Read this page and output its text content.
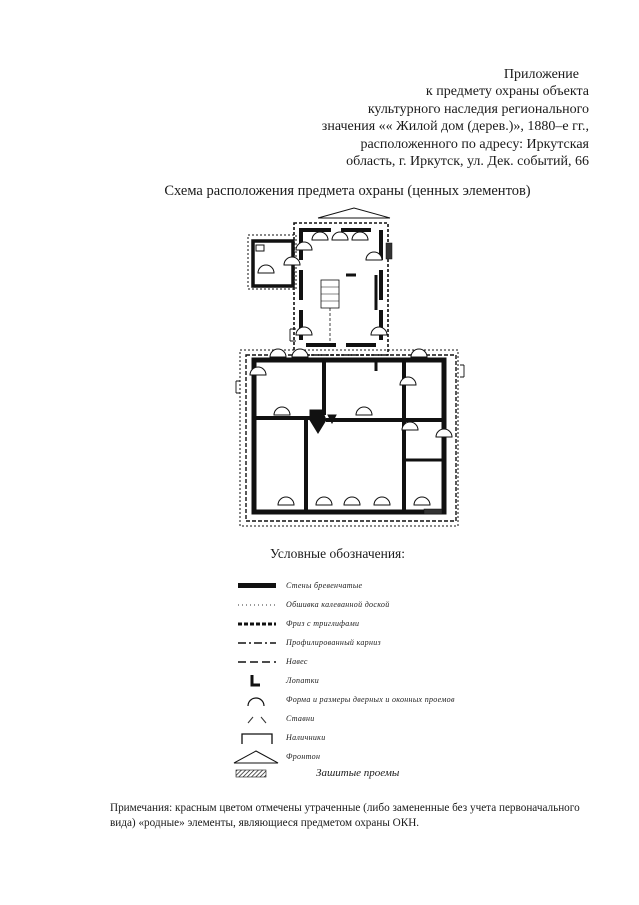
Приложение
к предмету охраны объекта
культурного наследия регионального
значения «« Жилой дом (дерев.)», 1880–е гг.,
расположенного по адресу: Иркутская
область, г. Иркутск, ул. Дек. событий, 66
Схема расположения предмета охраны (ценных элементов)
Условные обозначения:
Стены бревенчатые
Обшивка калеванной доской
Фриз с триглифами
Профилированный карниз
Навес
Лопатки
Форма и размеры дверных и оконных проемов
Ставни
Наличники
Фронтон
Зашитые проемы
Примечания: красным цветом отмечены утраченные (либо замененные без учета первоначального вида) «родные» элементы, являющиеся предметом охраны ОКН.
